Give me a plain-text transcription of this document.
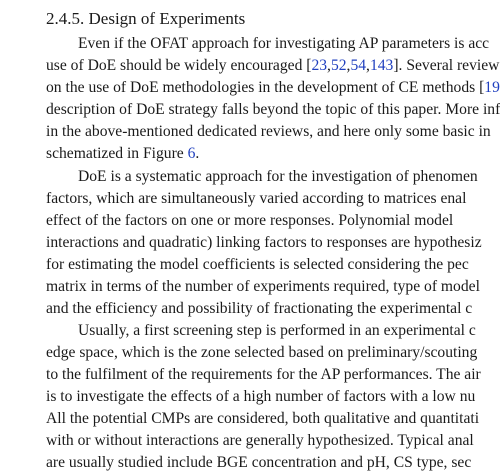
2.4.5. Design of Experiments
Even if the OFAT approach for investigating AP parameters is acc
use of DoE should be widely encouraged [23,52,54,143]. Several review
on the use of DoE methodologies in the development of CE methods [19
description of DoE strategy falls beyond the topic of this paper. More inf
in the above-mentioned dedicated reviews, and here only some basic in
schematized in Figure 6.
DoE is a systematic approach for the investigation of phenomen
factors, which are simultaneously varied according to matrices enal
effect of the factors on one or more responses. Polynomial model
interactions and quadratic) linking factors to responses are hypothesiz
for estimating the model coefficients is selected considering the pec
matrix in terms of the number of experiments required, type of model
and the efficiency and possibility of fractionating the experimental c
Usually, a first screening step is performed in an experimental c
edge space, which is the zone selected based on preliminary/scouting
to the fulfilment of the requirements for the AP performances. The air
is to investigate the effects of a high number of factors with a low nu
All the potential CMPs are considered, both qualitative and quantitati
with or without interactions are generally hypothesized. Typical anal
are usually studied include BGE concentration and pH, CS type, sec
